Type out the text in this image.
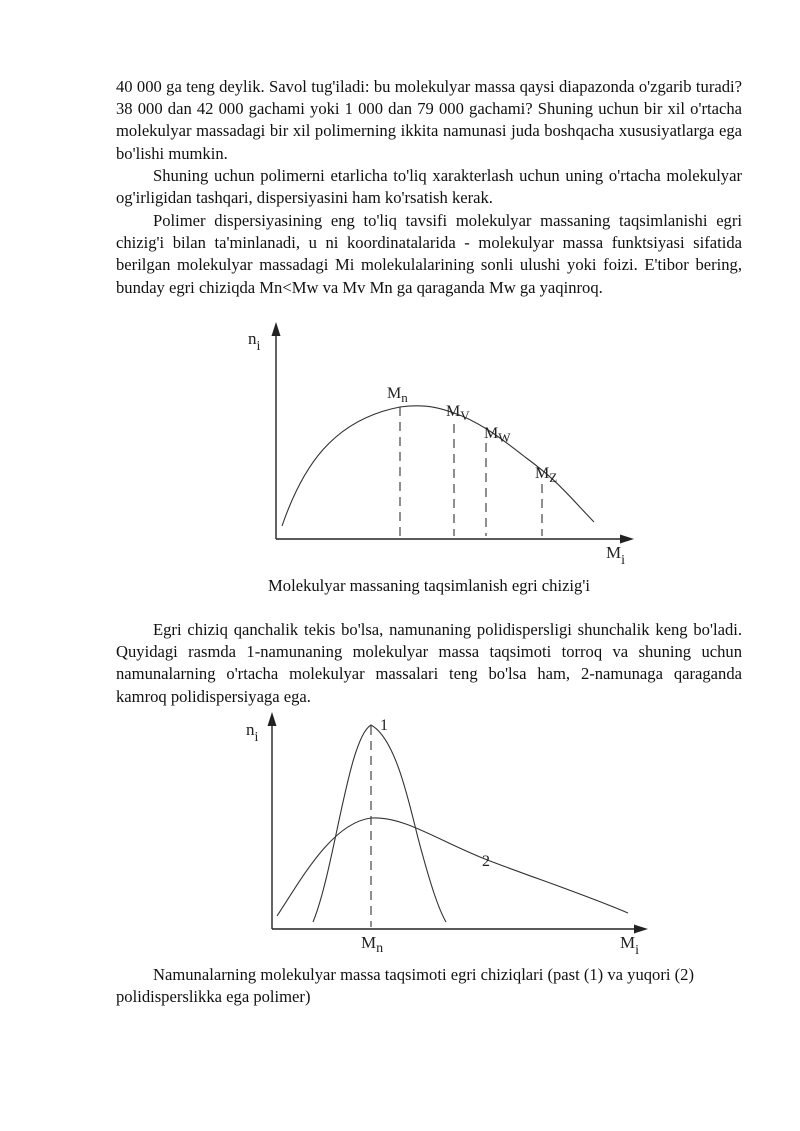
40 000 ga teng deylik. Savol tug'iladi: bu molekulyar massa qaysi diapazonda o'zgarib turadi? 38 000 dan 42 000 gachami yoki 1 000 dan 79 000 gachami? Shuning uchun bir xil o'rtacha molekulyar massadagi bir xil polimerning ikkita namunasi juda boshqacha xususiyatlarga ega bo'lishi mumkin.

Shuning uchun polimerni etarlicha to'liq xarakterlash uchun uning o'rtacha molekulyar og'irligidan tashqari, dispersiyasini ham ko'rsatish kerak.

Polimer dispersiyasining eng to'liq tavsifi molekulyar massaning taqsimlanishi egri chizig'i bilan ta'minlanadi, u ni koordinatalarida - molekulyar massa funktsiyasi sifatida berilgan molekulyar massadagi Mi molekulalarining sonli ulushi yoki foizi. E'tibor bering, bunday egri chiziqda Mn<Mw va Mv Mn ga qaraganda Mw ga yaqinroq.

$n_i$
$M_i$
$M_n$
$M_V$
$M_W$
$M_Z$

Molekulyar massaning taqsimlanish egri chizig'i

Egri chiziq qanchalik tekis bo'lsa, namunaning polidispersligi shunchalik keng bo'ladi. Quyidagi rasmda 1-namunaning molekulyar massa taqsimoti torroq va shuning uchun namunalarning o'rtacha molekulyar massalari teng bo'lsa ham, 2-namunaga qaraganda kamroq polidispersiyaga ega.

$n_i$
$M_i$
1
2
$M_n$

Namunalarning molekulyar massa taqsimoti egri chiziqlari (past (1) va yuqori (2) polidisperslikka ega polimer)
